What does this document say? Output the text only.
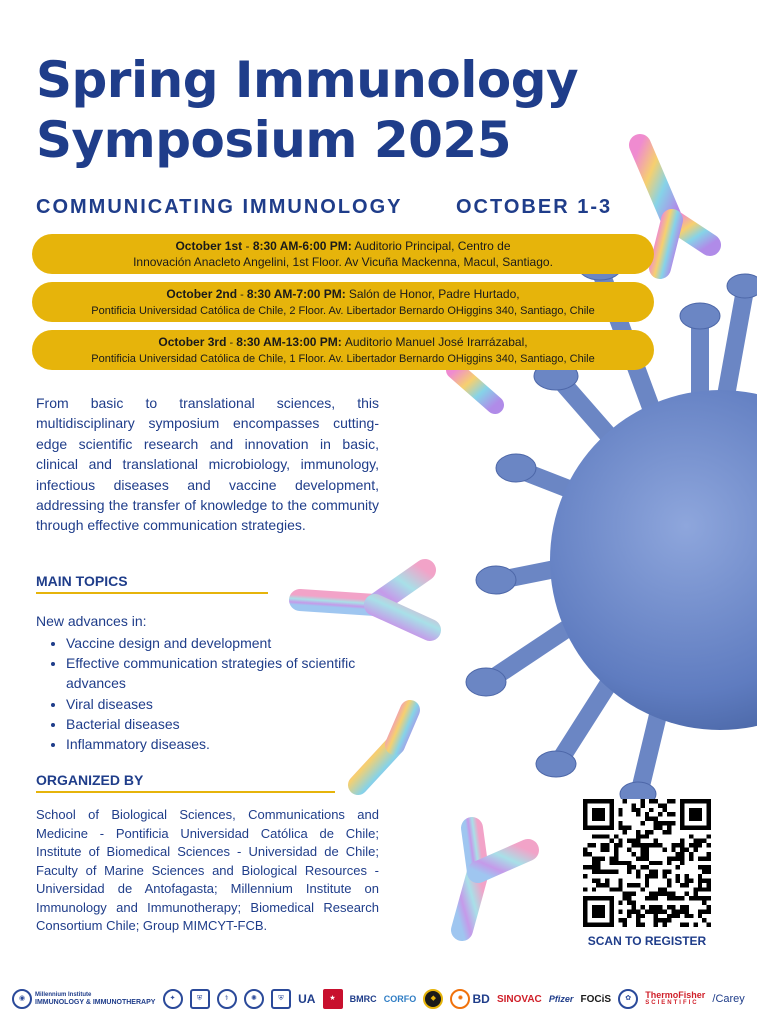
Spring Immunology
Symposium 2025
COMMUNICATING IMMUNOLOGY	OCTOBER 1-3
October 1st - 8:30 AM-6:00 PM: Auditorio Principal, Centro de
Innovación Anacleto Angelini, 1st Floor. Av Vicuña Mackenna, Macul, Santiago.
October 2nd - 8:30 AM-7:00 PM: Salón de Honor, Padre Hurtado,
Pontificia Universidad Católica de Chile, 2 Floor. Av. Libertador Bernardo OHiggins 340, Santiago, Chile
October 3rd - 8:30 AM-13:00 PM: Auditorio Manuel José Irarrázabal,
Pontificia Universidad Católica de Chile, 1 Floor. Av. Libertador Bernardo OHiggins 340, Santiago, Chile

From basic to translational sciences, this multidisciplinary symposium encompasses cutting-edge scientific research and innovation in basic, clinical and translational microbiology, immunology, infectious diseases and vaccine development, addressing the transfer of knowledge to the community through effective communication strategies.

MAIN TOPICS
New advances in:
• Vaccine design and development
• Effective communication strategies of scientific advances
• Viral diseases
• Bacterial diseases
• Inflammatory diseases.
ORGANIZED BY

School of Biological Sciences, Communications and Medicine - Pontificia Universidad Católica de Chile; Institute of Biomedical Sciences - Universidad de Chile; Faculty of Marine Sciences and Biological Resources - Universidad de Antofagasta; Millennium Institute on Immunology and Immunotherapy; Biomedical Research Consortium Chile; Group MIMCYT-FCB.

SCAN TO REGISTER
◉	Millennium Institute
IMMUNOLOGY & IMMUNOTHERAPY
✦	⛨	⚕	✺	⛨	UA	★	BMRC CORFO	◆	✹ BD SINOVAC Pfizer FOCiS	✿	ThermoFisher
SCIENTIFIC	/Carey
